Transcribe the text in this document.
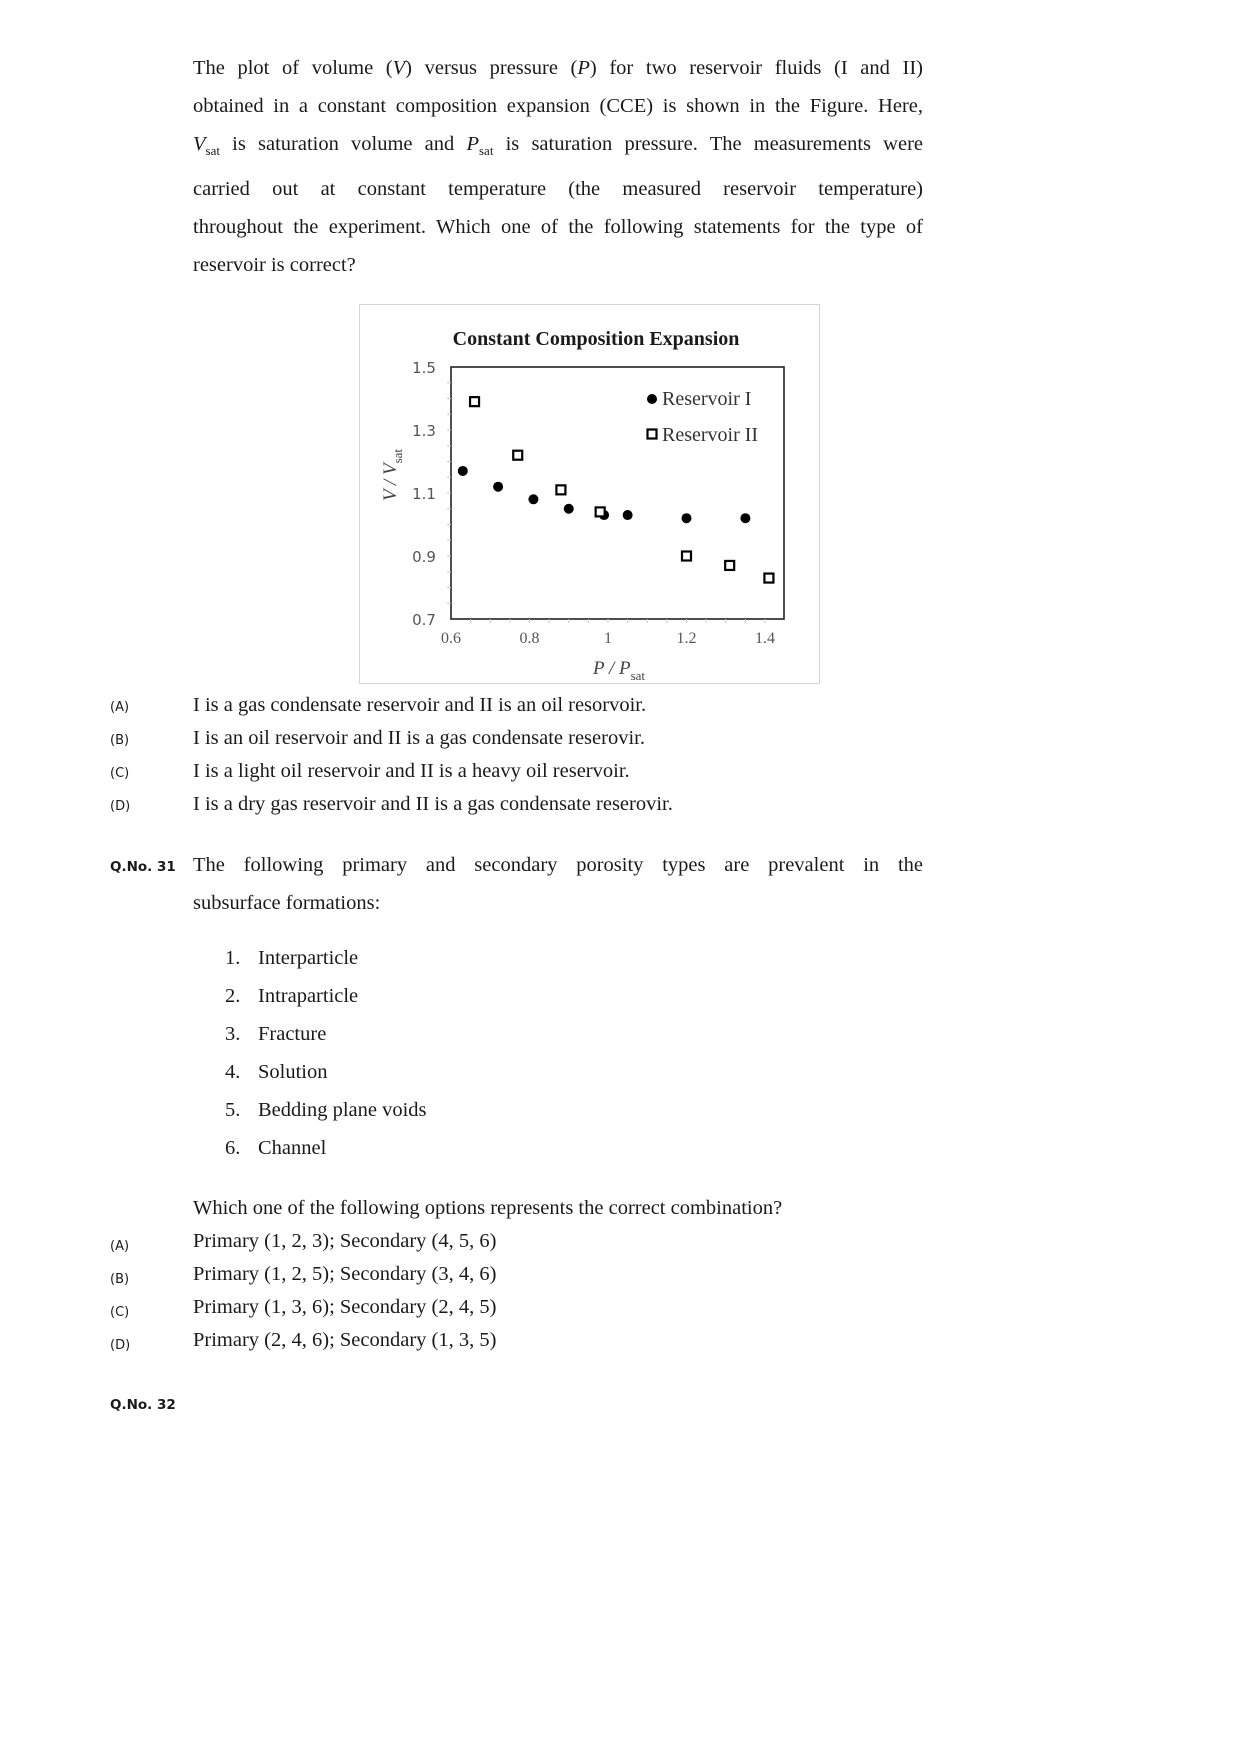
The plot of volume (V) versus pressure (P) for two reservoir fluids (I and II)
obtained in a constant composition expansion (CCE) is shown in the Figure. Here,
$V_{sat}$ is saturation volume and $P_{sat}$ is saturation pressure. The measurements were
carried out at constant temperature (the measured reservoir temperature)
throughout the experiment. Which one of the following statements for the type of
reservoir is correct?
Constant Composition Expansion
1.5
1.3
1.1
0.9
0.7
0.6	0.8	1	1.2	1.4
P / $P_{sat}$
V / $V_{sat}$
Reservoir I
Reservoir II
(A)	I is a gas condensate reservoir and II is an oil resorvoir.
(B)	I is an oil reservoir and II is a gas condensate reserovir.
(C)	I is a light oil reservoir and II is a heavy oil reservoir.
(D)	I is a dry gas reservoir and II is a gas condensate reserovir.
Q.No. 31 The following primary and secondary porosity types are prevalent in the
subsurface formations:
1. Interparticle
2. Intraparticle
3. Fracture
4. Solution
5. Bedding plane voids
6. Channel
Which one of the following options represents the correct combination?
(A)	Primary (1, 2, 3); Secondary (4, 5, 6)
(B)	Primary (1, 2, 5); Secondary (3, 4, 6)
(C)	Primary (1, 3, 6); Secondary (2, 4, 5)
(D)	Primary (2, 4, 6); Secondary (1, 3, 5)
Q.No. 32
